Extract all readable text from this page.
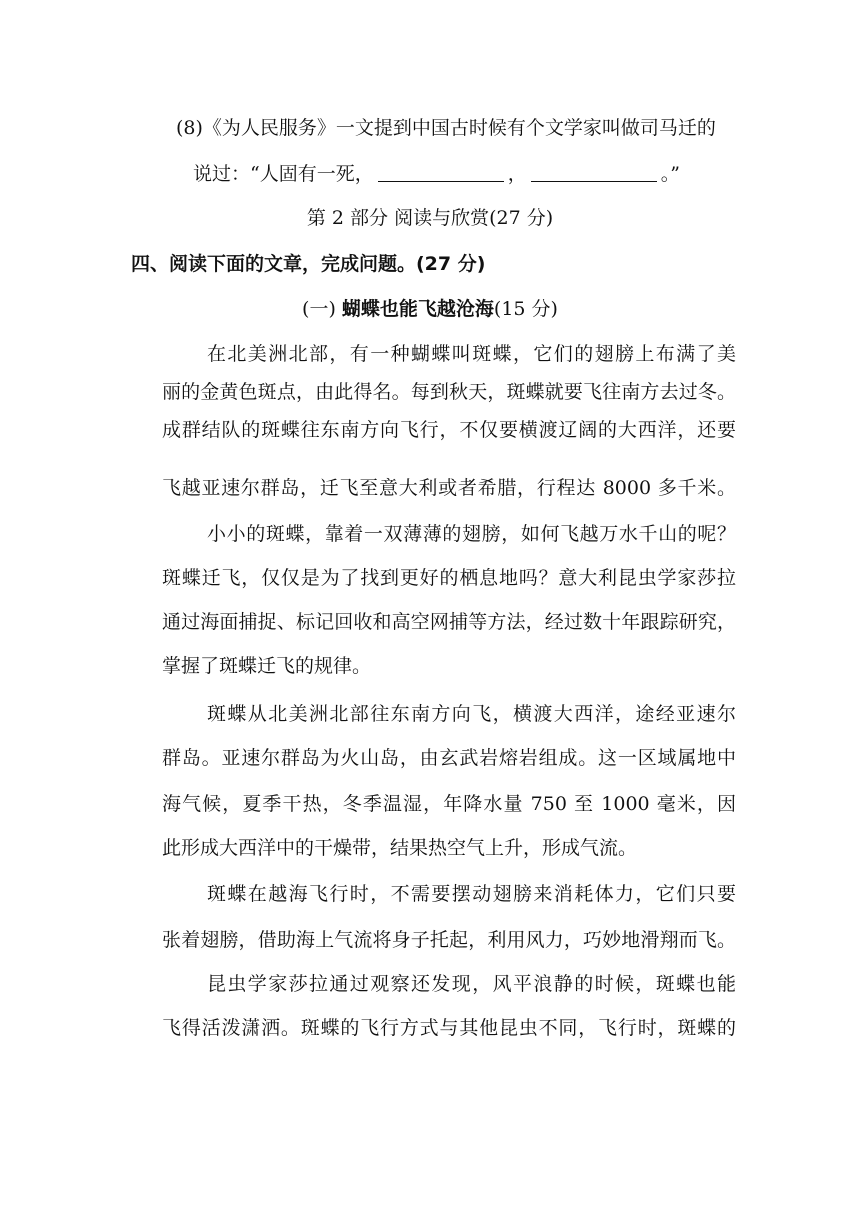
(8)《为人民服务》一文提到中国古时候有个文学家叫做司马迁的
说过：“人固有一死，	，	。”
第 2 部分 阅读与欣赏(27 分)
四、阅读下面的文章，完成问题。(27 分)
(一) 蝴蝶也能飞越沧海(15 分)
在北美洲北部，有一种蝴蝶叫斑蝶，它们的翅膀上布满了美
丽的金黄色斑点，由此得名。每到秋天，斑蝶就要飞往南方去过冬。
成群结队的斑蝶往东南方向飞行，不仅要横渡辽阔的大西洋，还要
飞越亚速尔群岛，迁飞至意大利或者希腊，行程达 8000 多千米。
小小的斑蝶，靠着一双薄薄的翅膀，如何飞越万水千山的呢？
斑蝶迁飞，仅仅是为了找到更好的栖息地吗？意大利昆虫学家莎拉
通过海面捕捉、标记回收和高空网捕等方法，经过数十年跟踪研究，
掌握了斑蝶迁飞的规律。
斑蝶从北美洲北部往东南方向飞，横渡大西洋，途经亚速尔
群岛。亚速尔群岛为火山岛，由玄武岩熔岩组成。这一区域属地中
海气候，夏季干热，冬季温湿，年降水量 750 至 1000 毫米，因
此形成大西洋中的干燥带，结果热空气上升，形成气流。
斑蝶在越海飞行时，不需要摆动翅膀来消耗体力，它们只要
张着翅膀，借助海上气流将身子托起，利用风力，巧妙地滑翔而飞。
昆虫学家莎拉通过观察还发现，风平浪静的时候，斑蝶也能
飞得活泼潇洒。斑蝶的飞行方式与其他昆虫不同，飞行时，斑蝶的
